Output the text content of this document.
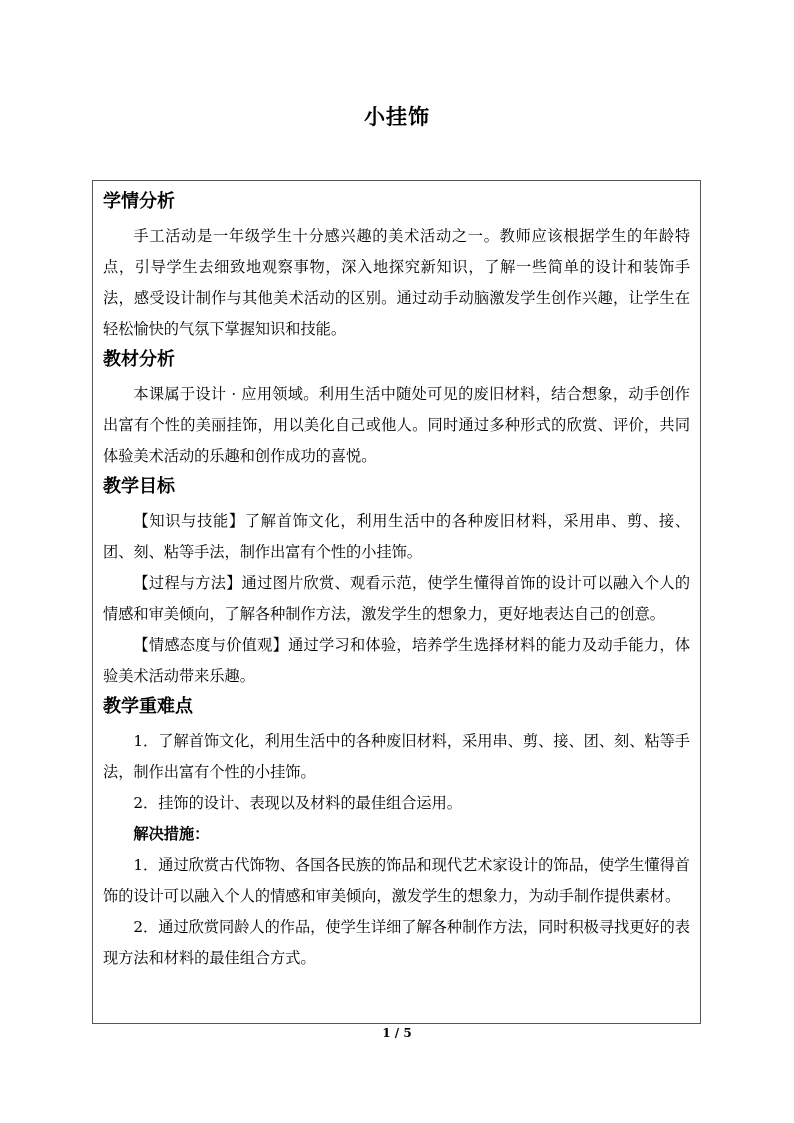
小挂饰
学情分析

手工活动是一年级学生十分感兴趣的美术活动之一。教师应该根据学生的年龄特点，引导学生去细致地观察事物，深入地探究新知识，了解一些简单的设计和装饰手法，感受设计制作与其他美术活动的区别。通过动手动脑激发学生创作兴趣，让学生在轻松愉快的气氛下掌握知识和技能。

教材分析

本课属于设计 · 应用领域。利用生活中随处可见的废旧材料，结合想象，动手创作出富有个性的美丽挂饰，用以美化自己或他人。同时通过多种形式的欣赏、评价，共同体验美术活动的乐趣和创作成功的喜悦。

教学目标

【知识与技能】了解首饰文化，利用生活中的各种废旧材料，采用串、剪、接、团、刻、粘等手法，制作出富有个性的小挂饰。

【过程与方法】通过图片欣赏、观看示范，使学生懂得首饰的设计可以融入个人的情感和审美倾向，了解各种制作方法，激发学生的想象力，更好地表达自己的创意。

【情感态度与价值观】通过学习和体验，培养学生选择材料的能力及动手能力，体验美术活动带来乐趣。

教学重难点

1．了解首饰文化，利用生活中的各种废旧材料，采用串、剪、接、团、刻、粘等手法，制作出富有个性的小挂饰。

2．挂饰的设计、表现以及材料的最佳组合运用。

解决措施：

1．通过欣赏古代饰物、各国各民族的饰品和现代艺术家设计的饰品，使学生懂得首饰的设计可以融入个人的情感和审美倾向，激发学生的想象力，为动手制作提供素材。

2．通过欣赏同龄人的作品，使学生详细了解各种制作方法，同时积极寻找更好的表现方法和材料的最佳组合方式。

1 / 5
